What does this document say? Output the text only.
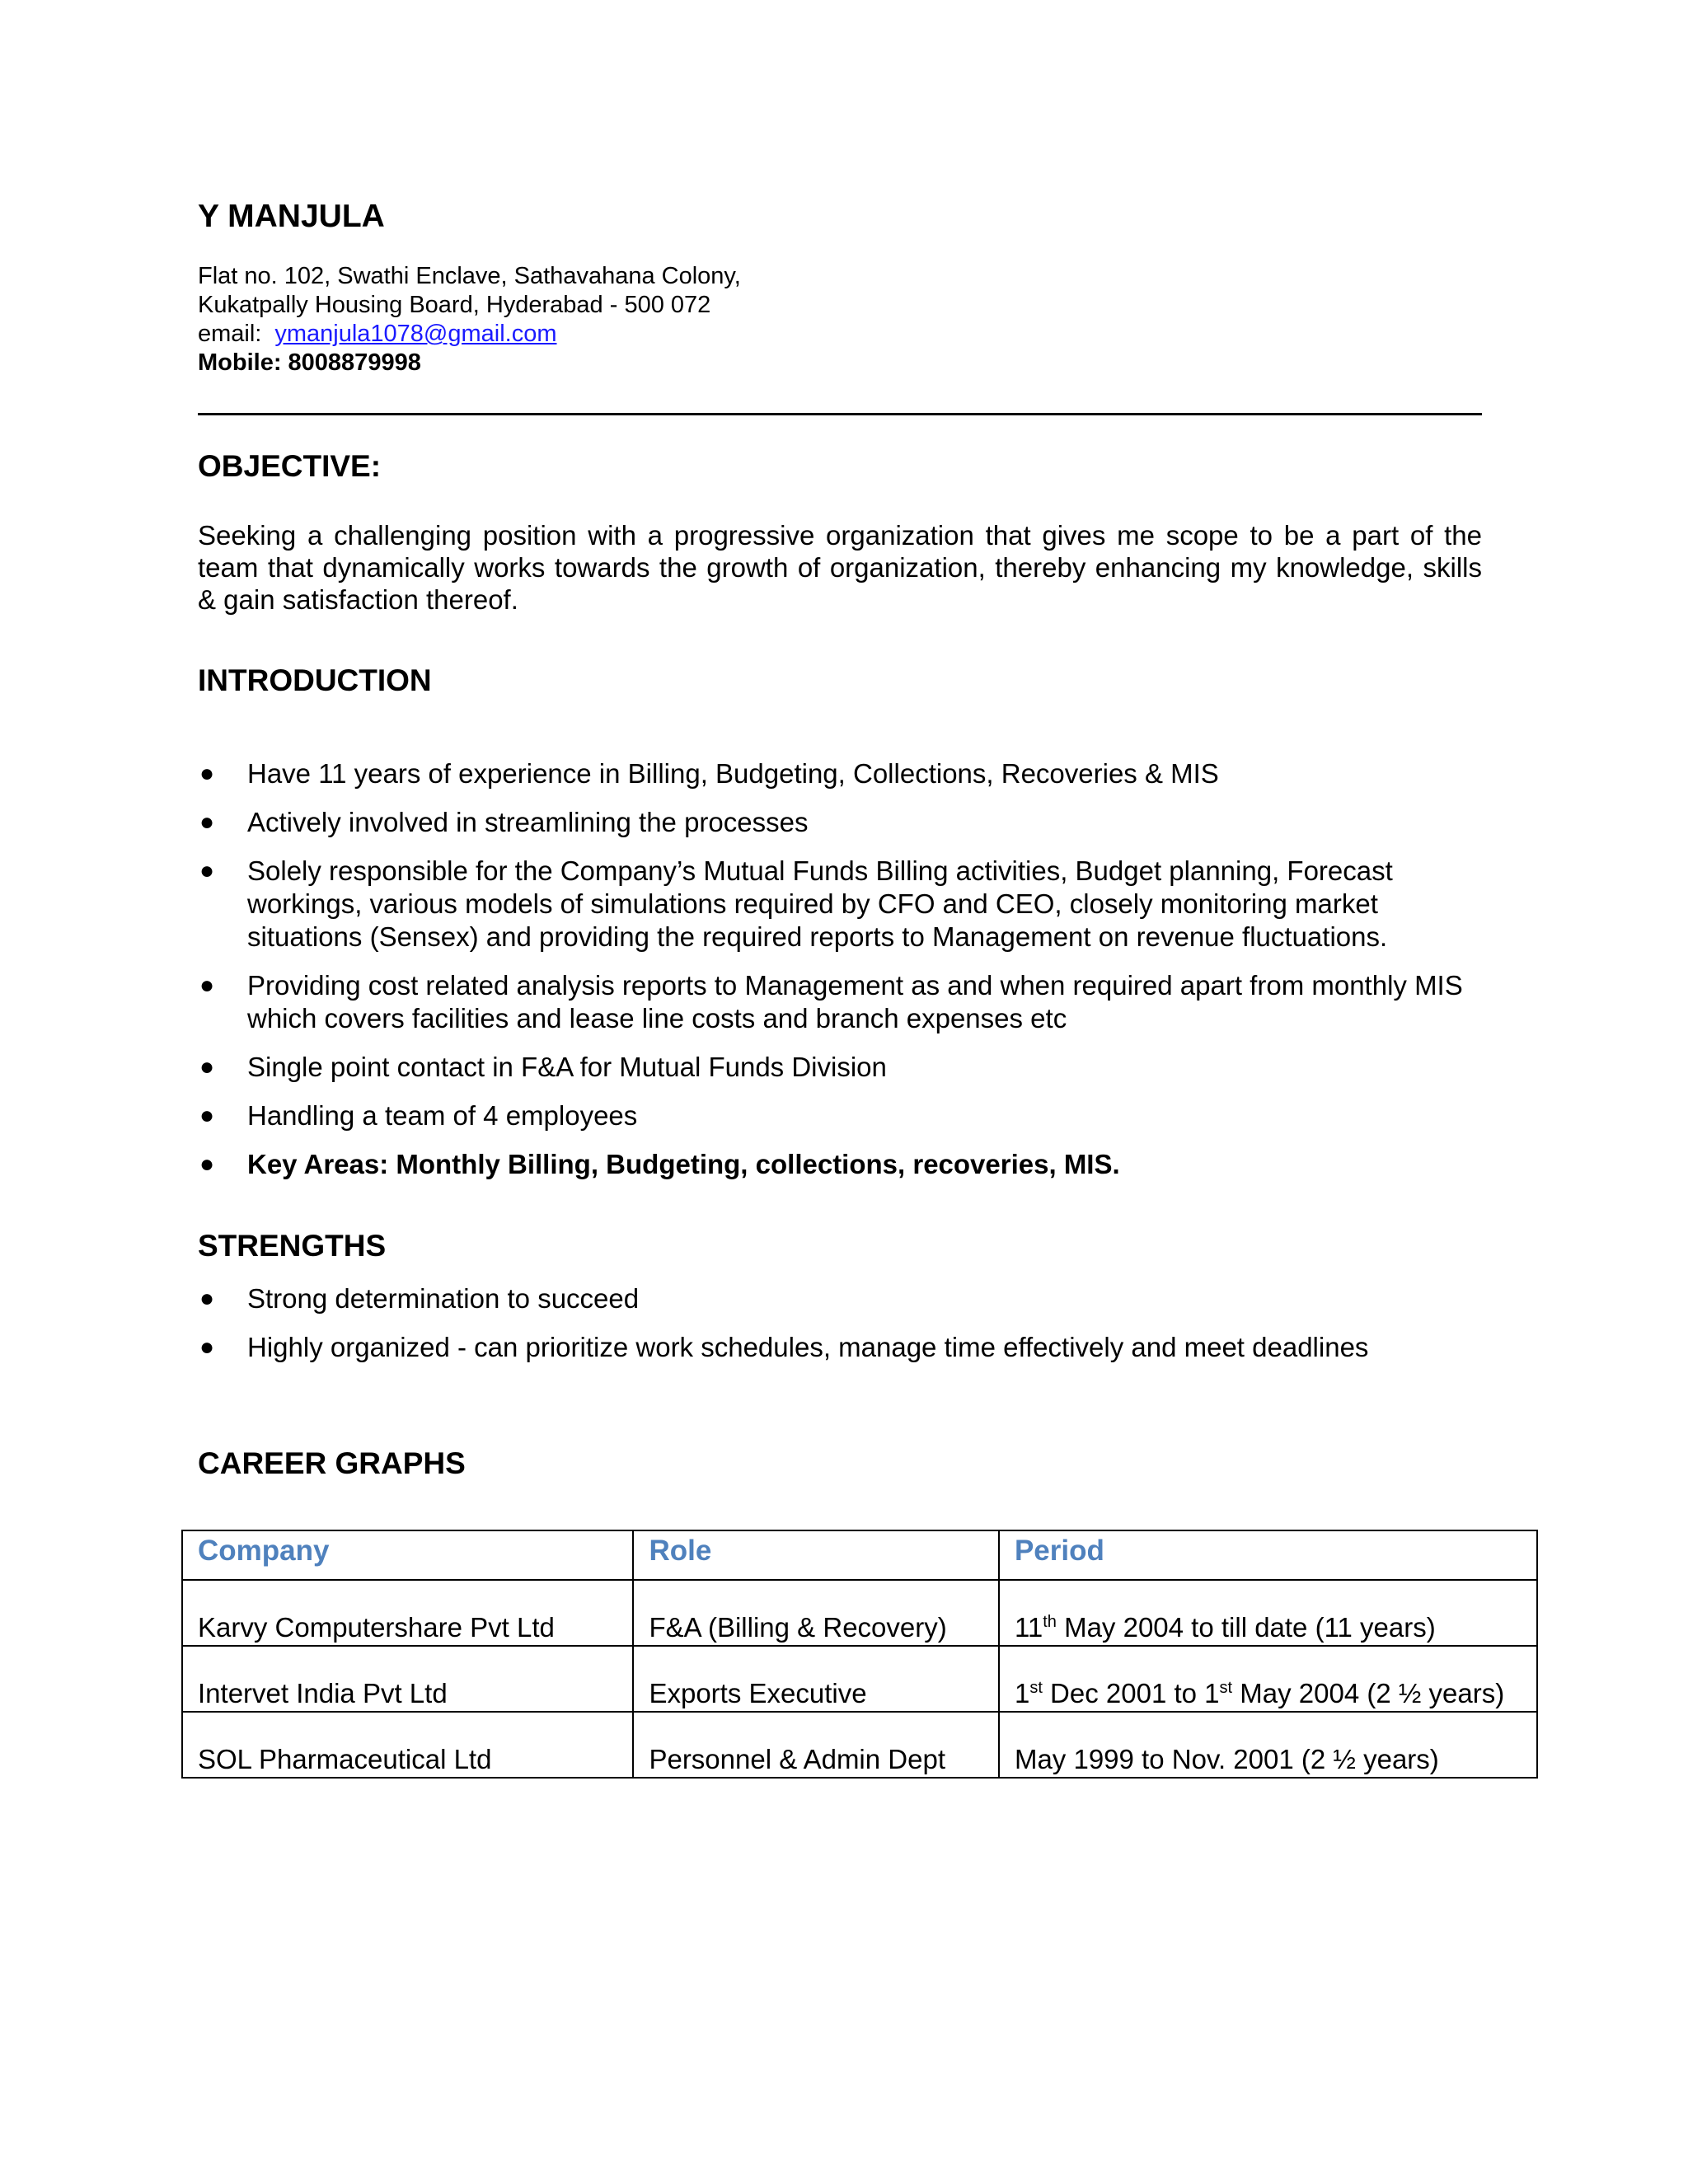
Y MANJULA
Flat no. 102, Swathi Enclave, Sathavahana Colony,
Kukatpally Housing Board, Hyderabad - 500 072
email: ymanjula1078@gmail.com
Mobile: 8008879998
OBJECTIVE:
Seeking a challenging position with a progressive organization that gives me scope to be a part of the team that dynamically works towards the growth of organization, thereby enhancing my knowledge, skills & gain satisfaction thereof.
INTRODUCTION
●	Have 11 years of experience in Billing, Budgeting, Collections, Recoveries & MIS
●	Actively involved in streamlining the processes
●	Solely responsible for the Company’s Mutual Funds Billing activities, Budget planning, Forecast workings, various models of simulations required by CFO and CEO, closely monitoring market situations (Sensex) and providing the required reports to Management on revenue fluctuations.
●	Providing cost related analysis reports to Management as and when required apart from monthly MIS which covers facilities and lease line costs and branch expenses etc
●	Single point contact in F&A for Mutual Funds Division
●	Handling a team of 4 employees
●	Key Areas: Monthly Billing, Budgeting, collections, recoveries, MIS.
STRENGTHS
●	Strong determination to succeed
●	Highly organized - can prioritize work schedules, manage time effectively and meet deadlines
CAREER GRAPHS
Company	Role	Period
Karvy Computershare Pvt Ltd	F&A (Billing & Recovery)	11th May 2004 to till date (11 years)
Intervet India Pvt Ltd	Exports Executive	1st Dec 2001 to 1st May 2004 (2 ½ years)
SOL Pharmaceutical Ltd	Personnel & Admin Dept	May 1999 to Nov. 2001 (2 ½ years)
